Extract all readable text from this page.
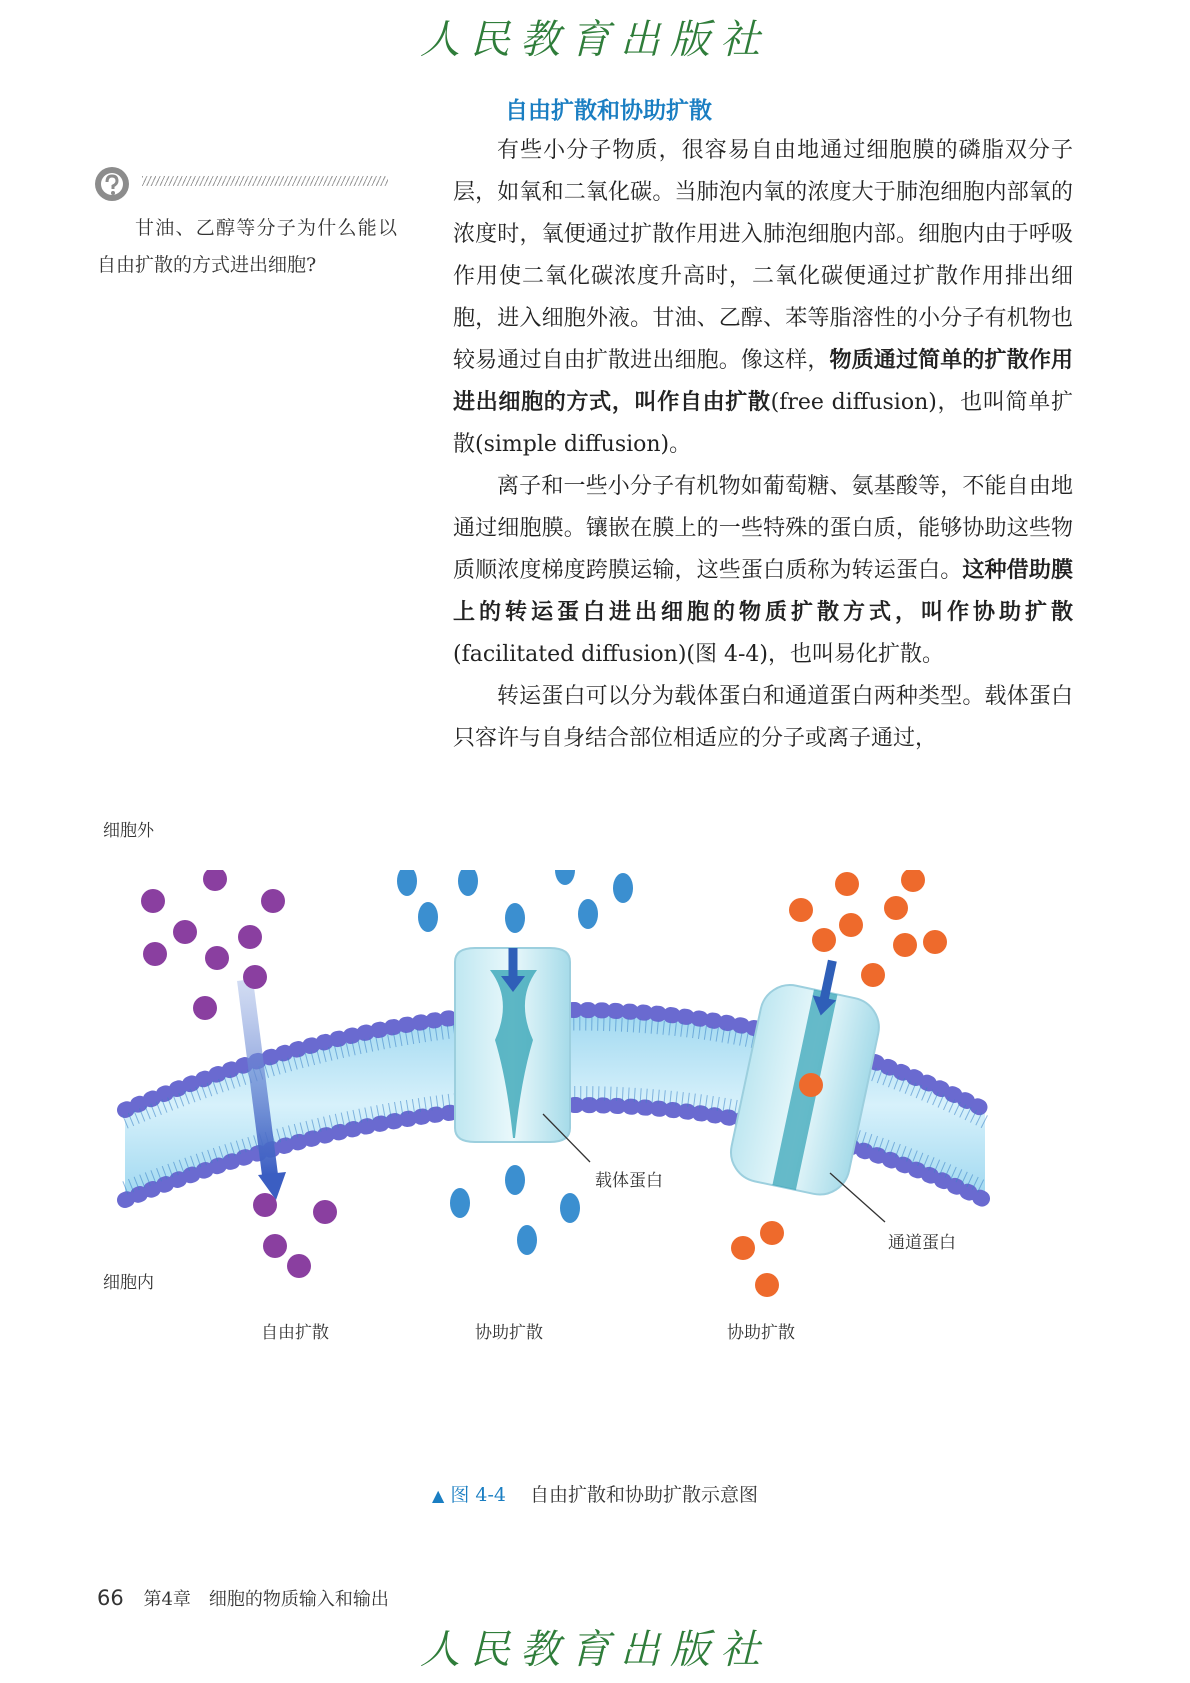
人民教育出版社
自由扩散和协助扩散

甘油、乙醇等分子为什么能以自由扩散的方式进出细胞?

有些小分子物质，很容易自由地通过细胞膜的磷脂双分子层，如氧和二氧化碳。当肺泡内氧的浓度大于肺泡细胞内部氧的浓度时，氧便通过扩散作用进入肺泡细胞内部。细胞内由于呼吸作用使二氧化碳浓度升高时，二氧化碳便通过扩散作用排出细胞，进入细胞外液。甘油、乙醇、苯等脂溶性的小分子有机物也较易通过自由扩散进出细胞。像这样，物质通过简单的扩散作用进出细胞的方式，叫作自由扩散(free diffusion)，也叫简单扩散(simple diffusion)。

离子和一些小分子有机物如葡萄糖、氨基酸等，不能自由地通过细胞膜。镶嵌在膜上的一些特殊的蛋白质，能够协助这些物质顺浓度梯度跨膜运输，这些蛋白质称为转运蛋白。这种借助膜上的转运蛋白进出细胞的物质扩散方式，叫作协助扩散(facilitated diffusion)(图 4-4)，也叫易化扩散。

转运蛋白可以分为载体蛋白和通道蛋白两种类型。载体蛋白只容许与自身结合部位相适应的分子或离子通过，

细胞外
细胞内
载体蛋白
通道蛋白
自由扩散	协助扩散	协助扩散
▲ 图 4-4 自由扩散和协助扩散示意图
66 第4章　细胞的物质输入和输出
人民教育出版社
